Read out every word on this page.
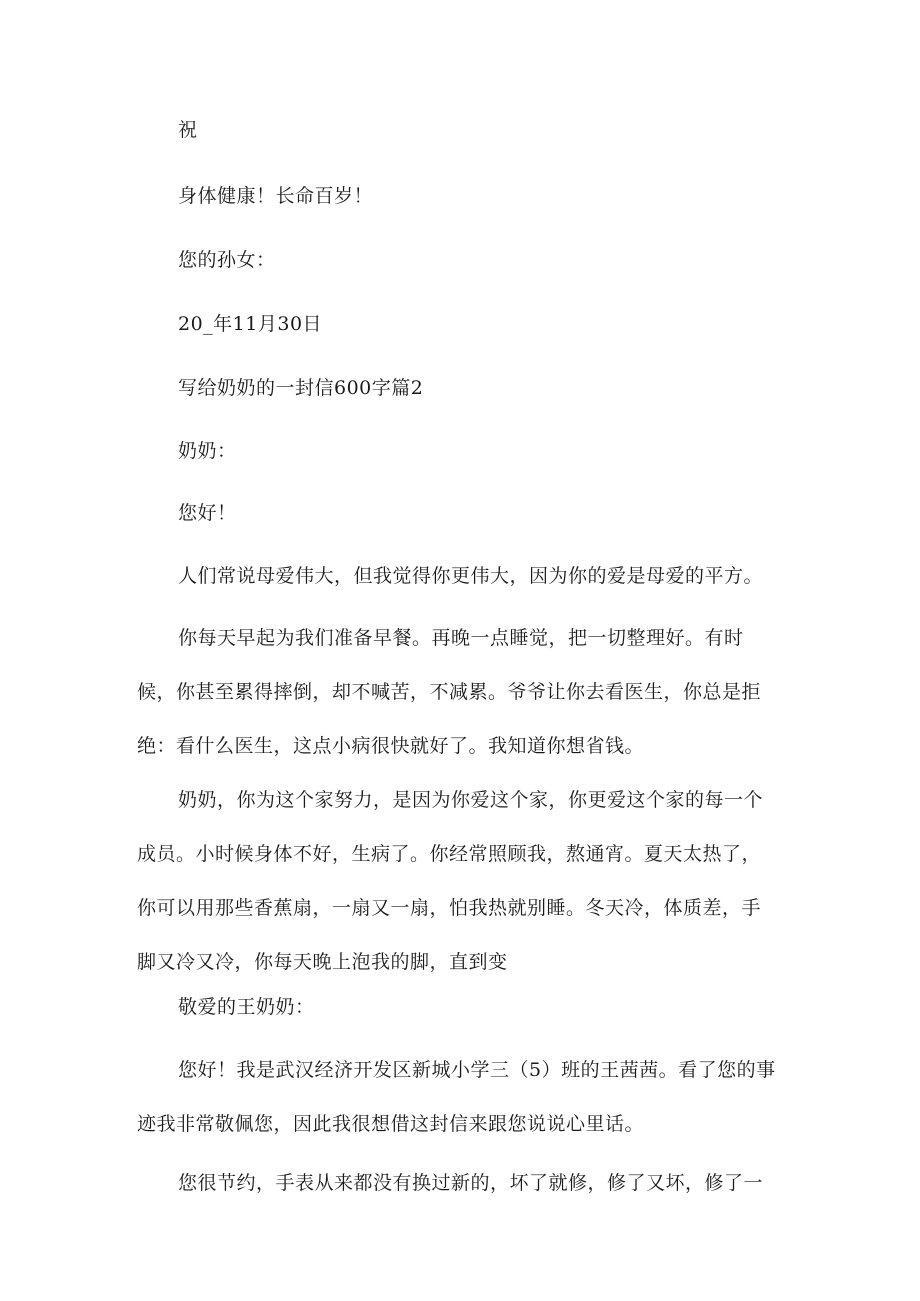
祝
身体健康！长命百岁！
您的孙女：
20_年11月30日
写给奶奶的一封信600字篇2
奶奶：
您好！
人们常说母爱伟大，但我觉得你更伟大，因为你的爱是母爱的平方。
你每天早起为我们准备早餐。再晚一点睡觉，把一切整理好。有时候，你甚至累得摔倒，却不喊苦，不减累。爷爷让你去看医生，你总是拒绝：看什么医生，这点小病很快就好了。我知道你想省钱。
奶奶，你为这个家努力，是因为你爱这个家，你更爱这个家的每一个成员。小时候身体不好，生病了。你经常照顾我，熬通宵。夏天太热了，你可以用那些香蕉扇，一扇又一扇，怕我热就别睡。冬天冷，体质差，手脚又冷又冷，你每天晚上泡我的脚，直到变
敬爱的王奶奶：
您好！我是武汉经济开发区新城小学三（5）班的王茜茜。看了您的事迹我非常敬佩您，因此我很想借这封信来跟您说说心里话。
您很节约，手表从来都没有换过新的，坏了就修，修了又坏，修了一
